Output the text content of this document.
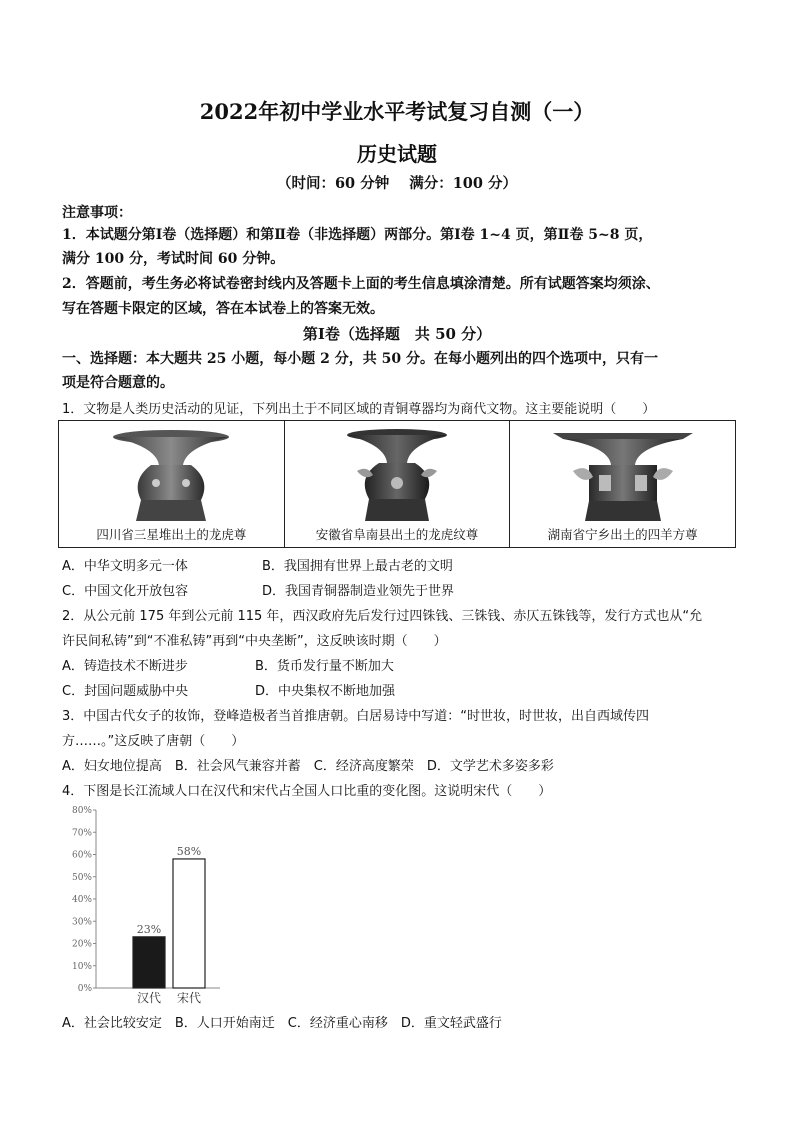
2022年初中学业水平考试复习自测（一）
历史试题
（时间：60 分钟 满分：100 分）
注意事项：
1．本试题分第Ⅰ卷（选择题）和第Ⅱ卷（非选择题）两部分。第Ⅰ卷 1~4 页，第Ⅱ卷 5~8 页，
满分 100 分，考试时间 60 分钟。
2．答题前，考生务必将试卷密封线内及答题卡上面的考生信息填涂清楚。所有试题答案均须涂、
写在答题卡限定的区域，答在本试卷上的答案无效。
第Ⅰ卷（选择题　共 50 分）
一、选择题：本大题共 25 小题，每小题 2 分，共 50 分。在每小题列出的四个选项中，只有一
项是符合题意的。
1．文物是人类历史活动的见证，下列出土于不同区域的青铜尊器均为商代文物。这主要能说明（　　）
四川省三星堆出土的龙虎尊	安徽省阜南县出土的龙虎纹尊	湖南省宁乡出土的四羊方尊
A．中华文明多元一体	B．我国拥有世界上最古老的文明
C．中国文化开放包容	D．我国青铜器制造业领先于世界
2．从公元前 175 年到公元前 115 年，西汉政府先后发行过四铢钱、三铢钱、赤仄五铢钱等，发行方式也从“允
许民间私铸”到“不准私铸”再到“中央垄断”，这反映该时期（　　）
A．铸造技术不断进步	B．货币发行量不断加大
C．封国问题威胁中央	D．中央集权不断地加强
3．中国古代女子的妆饰，登峰造极者当首推唐朝。白居易诗中写道：“时世妆，时世妆，出自西域传四
方……。”这反映了唐朝（　　）
A．妇女地位提高　B．社会风气兼容并蓄　C．经济高度繁荣　D．文学艺术多姿多彩
4．下图是长江流域人口在汉代和宋代占全国人口比重的变化图。这说明宋代（　　）
0%
10%
20%
30%
40%
50%
60%
70%
80%
23%
汉代
58%
宋代
A．社会比较安定　B．人口开始南迁　C．经济重心南移　D．重文轻武盛行
